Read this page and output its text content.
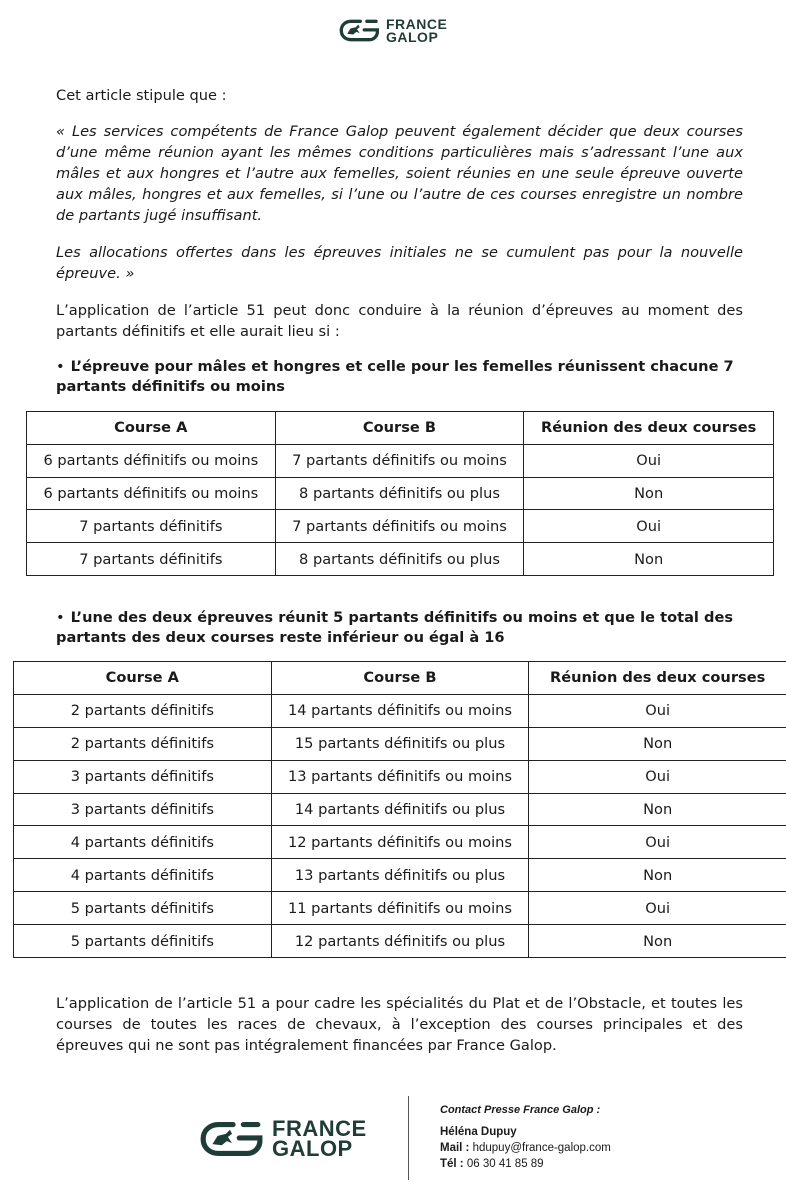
FRANCE
GALOP

Cet article stipule que :

« Les services compétents de France Galop peuvent également décider que deux courses d’une même réunion ayant les mêmes conditions particulières mais s’adressant l’une aux mâles et aux hongres et l’autre aux femelles, soient réunies en une seule épreuve ouverte aux mâles, hongres et aux femelles, si l’une ou l’autre de ces courses enregistre un nombre de partants jugé insuffisant.

Les allocations offertes dans les épreuves initiales ne se cumulent pas pour la nouvelle épreuve. »

L’application de l’article 51 peut donc conduire à la réunion d’épreuves au moment des partants définitifs et elle aurait lieu si :

• L’épreuve pour mâles et hongres et celle pour les femelles réunissent chacune 7 partants définitifs ou moins

Course A	Course B	Réunion des deux courses
6 partants définitifs ou moins	7 partants définitifs ou moins	Oui
6 partants définitifs ou moins	8 partants définitifs ou plus	Non
7 partants définitifs	7 partants définitifs ou moins	Oui
7 partants définitifs	8 partants définitifs ou plus	Non

• L’une des deux épreuves réunit 5 partants définitifs ou moins et que le total des partants des deux courses reste inférieur ou égal à 16

Course A	Course B	Réunion des deux courses
2 partants définitifs	14 partants définitifs ou moins	Oui
2 partants définitifs	15 partants définitifs ou plus	Non
3 partants définitifs	13 partants définitifs ou moins	Oui
3 partants définitifs	14 partants définitifs ou plus	Non
4 partants définitifs	12 partants définitifs ou moins	Oui
4 partants définitifs	13 partants définitifs ou plus	Non
5 partants définitifs	11 partants définitifs ou moins	Oui
5 partants définitifs	12 partants définitifs ou plus	Non

L’application de l’article 51 a pour cadre les spécialités du Plat et de l’Obstacle, et toutes les courses de toutes les races de chevaux, à l’exception des courses principales et des épreuves qui ne sont pas intégralement financées par France Galop.

FRANCE
GALOP
Contact Presse France Galop :
Héléna Dupuy
Mail : hdupuy@france-galop.com
Tél : 06 30 41 85 89
